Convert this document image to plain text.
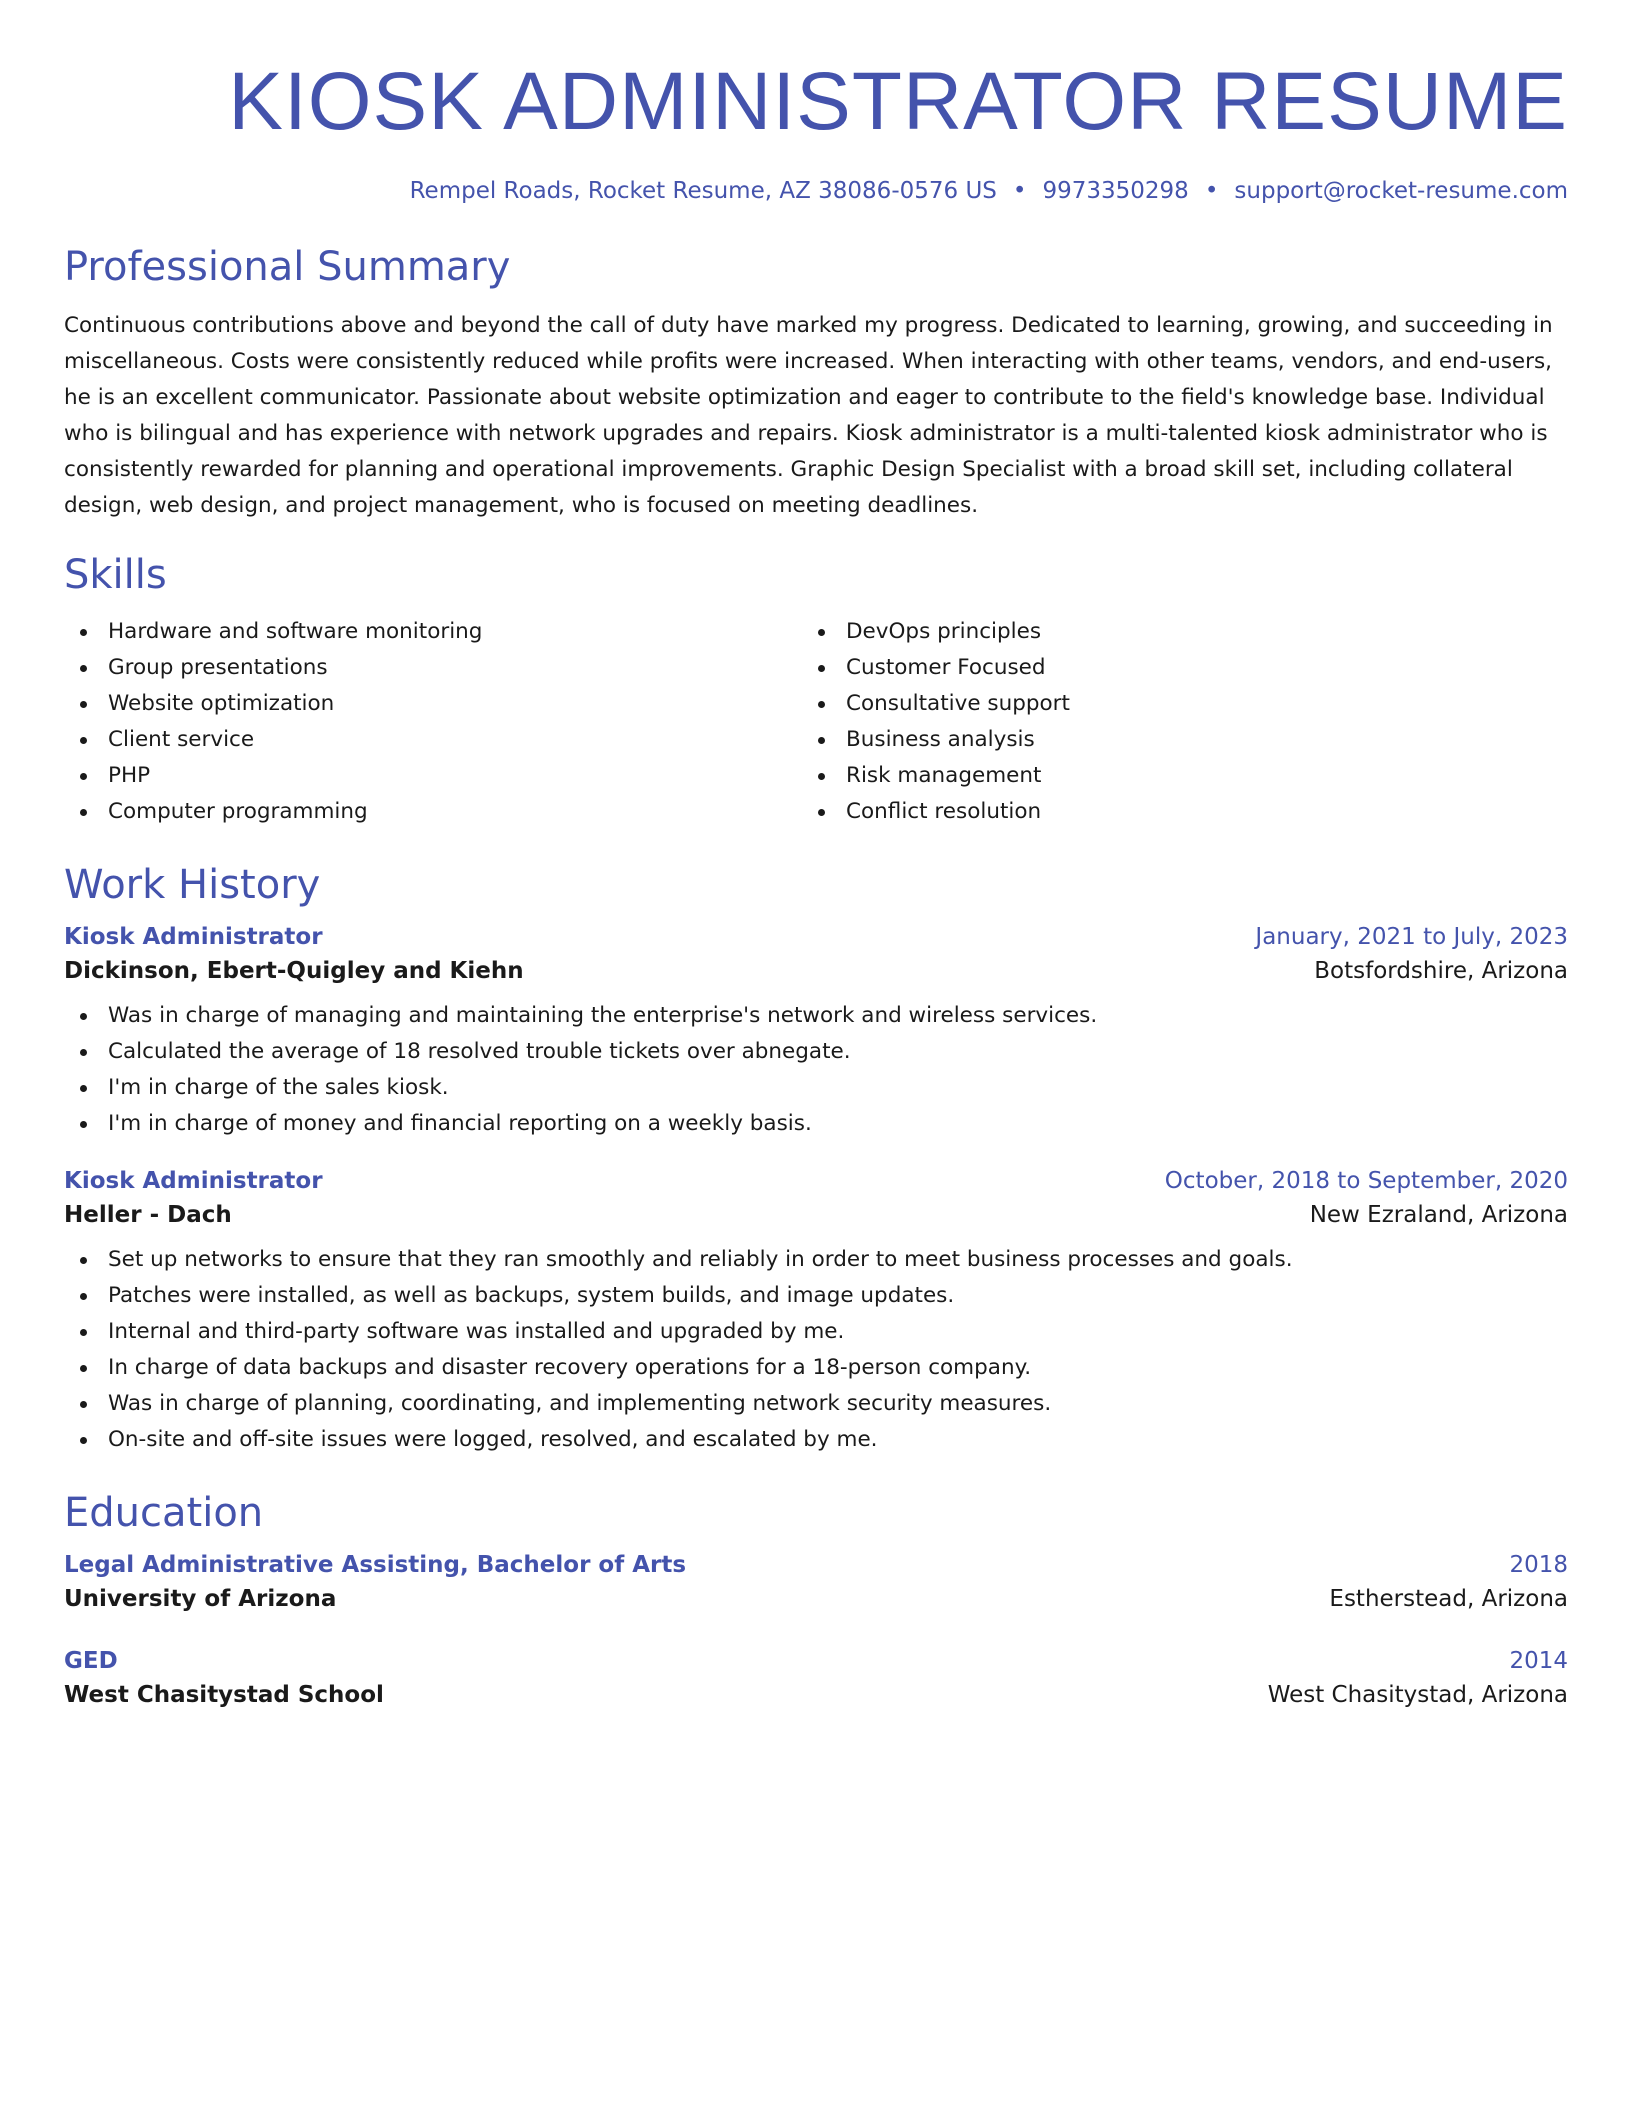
KIOSK ADMINISTRATOR RESUME
Rempel Roads, Rocket Resume, AZ 38086-0576 US • 9973350298 • support@rocket-resume.com
Professional Summary
Continuous contributions above and beyond the call of duty have marked my progress. Dedicated to learning, growing, and succeeding in miscellaneous. Costs were consistently reduced while profits were increased. When interacting with other teams, vendors, and end-users, he is an excellent communicator. Passionate about website optimization and eager to contribute to the field's knowledge base. Individual who is bilingual and has experience with network upgrades and repairs. Kiosk administrator is a multi-talented kiosk administrator who is consistently rewarded for planning and operational improvements. Graphic Design Specialist with a broad skill set, including collateral design, web design, and project management, who is focused on meeting deadlines.
Skills
Hardware and software monitoring
Group presentations
Website optimization
Client service
PHP
Computer programming
DevOps principles
Customer Focused
Consultative support
Business analysis
Risk management
Conflict resolution
Work History
Kiosk Administrator	January, 2021 to July, 2023
Dickinson, Ebert-Quigley and Kiehn	Botsfordshire, Arizona
Was in charge of managing and maintaining the enterprise's network and wireless services.
Calculated the average of 18 resolved trouble tickets over abnegate.
I'm in charge of the sales kiosk.
I'm in charge of money and financial reporting on a weekly basis.
Kiosk Administrator	October, 2018 to September, 2020
Heller - Dach	New Ezraland, Arizona
Set up networks to ensure that they ran smoothly and reliably in order to meet business processes and goals.
Patches were installed, as well as backups, system builds, and image updates.
Internal and third-party software was installed and upgraded by me.
In charge of data backups and disaster recovery operations for a 18-person company.
Was in charge of planning, coordinating, and implementing network security measures.
On-site and off-site issues were logged, resolved, and escalated by me.
Education
Legal Administrative Assisting, Bachelor of Arts	2018
University of Arizona	Estherstead, Arizona
GED	2014
West Chasitystad School	West Chasitystad, Arizona
